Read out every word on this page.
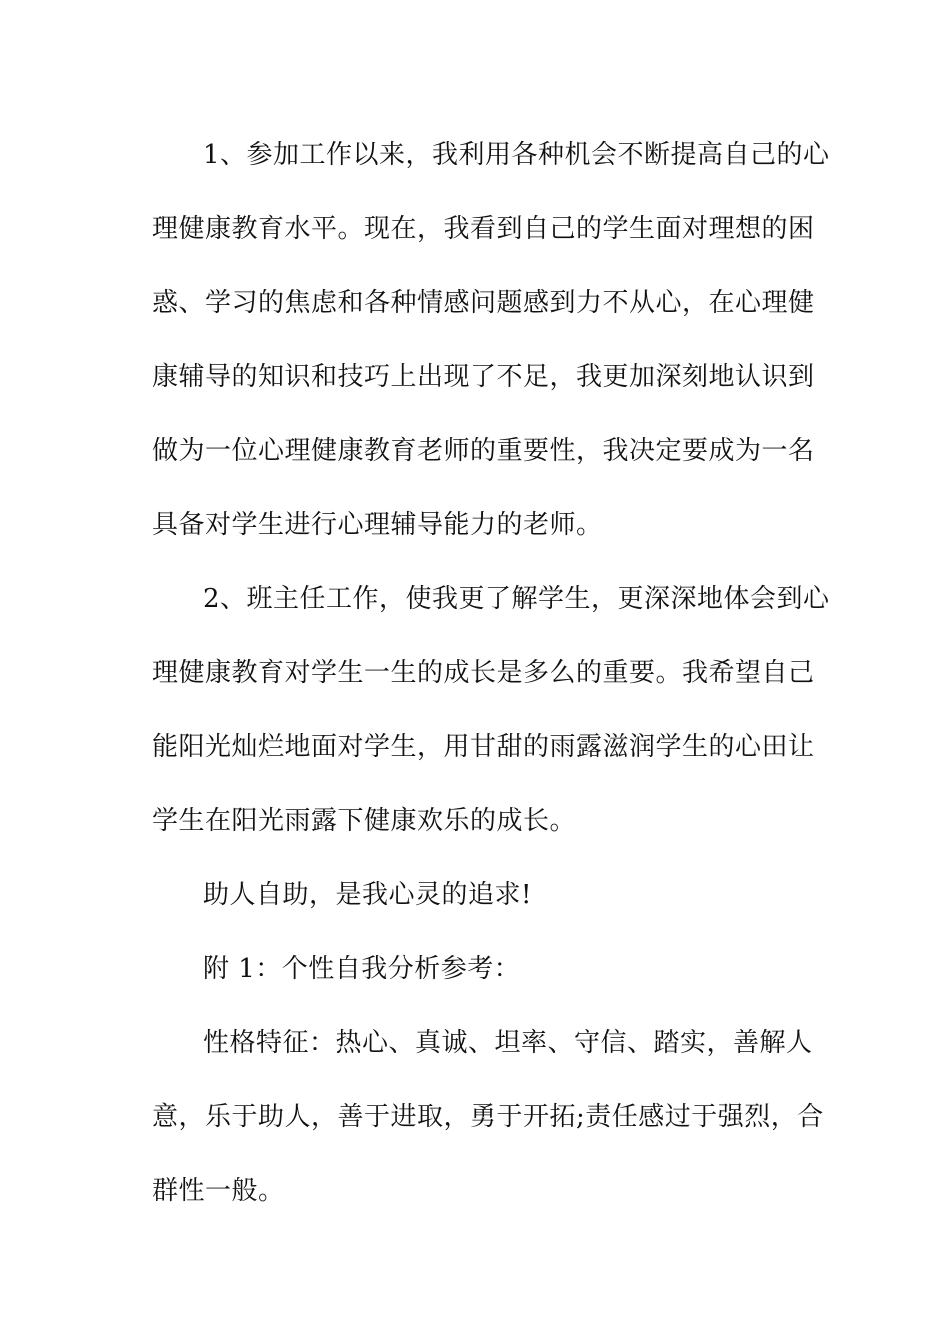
1、参加工作以来，我利用各种机会不断提高自己的心
理健康教育水平。现在，我看到自己的学生面对理想的困
惑、学习的焦虑和各种情感问题感到力不从心，在心理健
康辅导的知识和技巧上出现了不足，我更加深刻地认识到
做为一位心理健康教育老师的重要性，我决定要成为一名
具备对学生进行心理辅导能力的老师。
2、班主任工作，使我更了解学生，更深深地体会到心
理健康教育对学生一生的成长是多么的重要。我希望自己
能阳光灿烂地面对学生，用甘甜的雨露滋润学生的心田让
学生在阳光雨露下健康欢乐的成长。
助人自助，是我心灵的追求!
附 1：个性自我分析参考：
性格特征：热心、真诚、坦率、守信、踏实，善解人
意，乐于助人，善于进取，勇于开拓;责任感过于强烈，合
群性一般。
